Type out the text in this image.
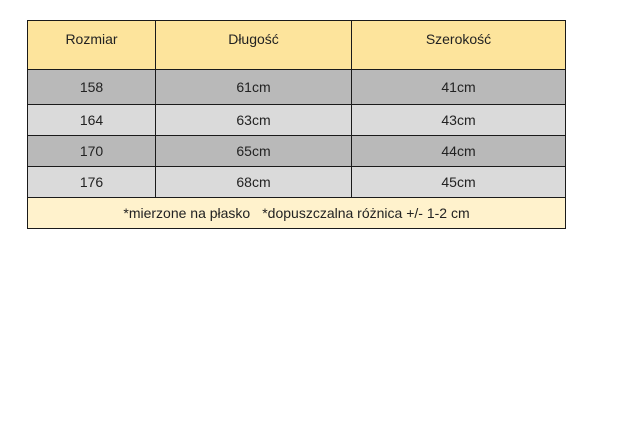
Rozmiar	Długość	Szerokość
158	61cm	41cm
164	63cm	43cm
170	65cm	44cm
176	68cm	45cm
*mierzone na płasko *dopuszczalna różnica +/- 1-2 cm		
